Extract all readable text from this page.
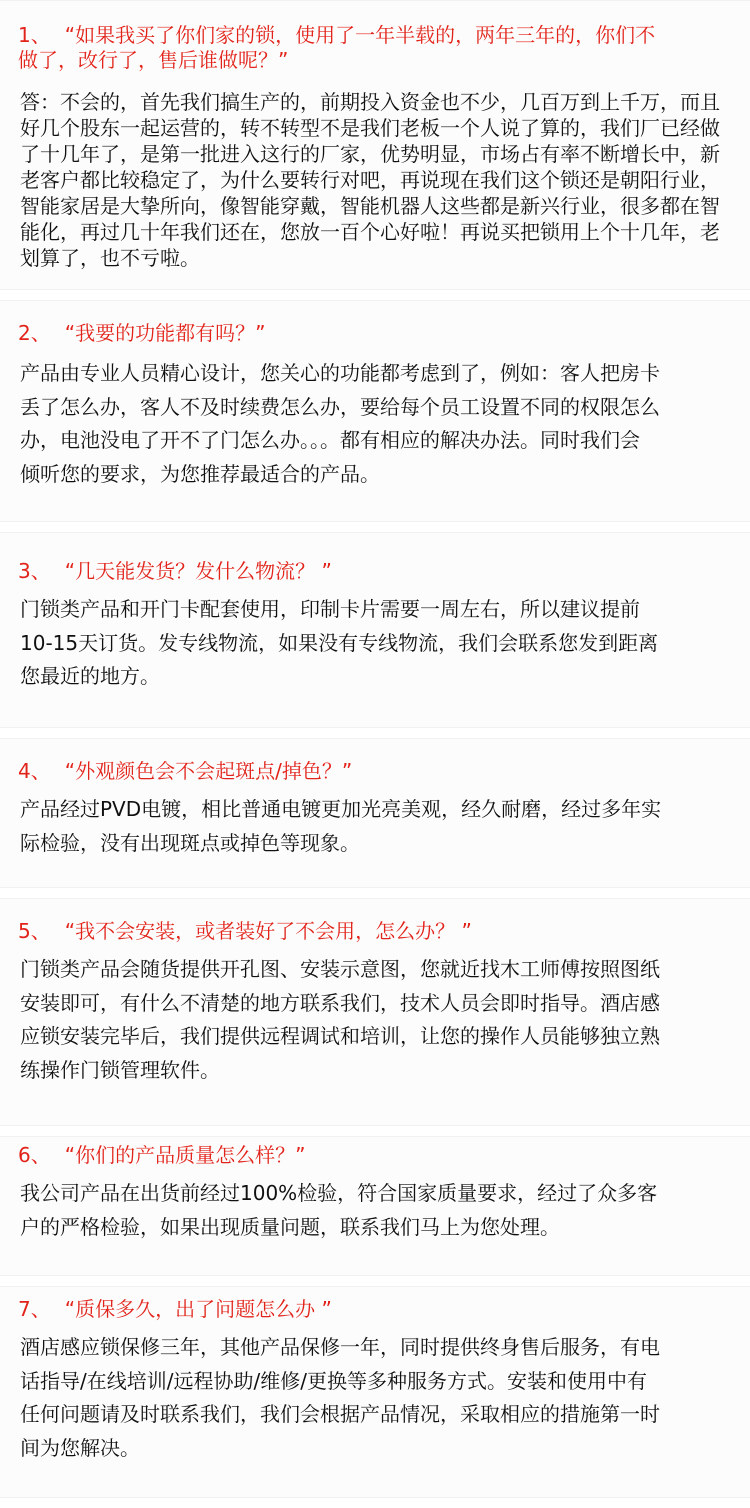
1、 “如果我买了你们家的锁，使用了一年半载的，两年三年的，你们不
做了，改行了，售后谁做呢？”
答：不会的，首先我们搞生产的，前期投入资金也不少，几百万到上千万，而且
好几个股东一起运营的，转不转型不是我们老板一个人说了算的，我们厂已经做
了十几年了，是第一批进入这行的厂家，优势明显，市场占有率不断增长中，新
老客户都比较稳定了，为什么要转行对吧，再说现在我们这个锁还是朝阳行业，
智能家居是大挚所向，像智能穿戴，智能机器人这些都是新兴行业，很多都在智
能化，再过几十年我们还在，您放一百个心好啦！再说买把锁用上个十几年，老
划算了，也不亏啦。
2、 “我要的功能都有吗？”
产品由专业人员精心设计，您关心的功能都考虑到了，例如：客人把房卡
丢了怎么办，客人不及时续费怎么办，要给每个员工设置不同的权限怎么
办，电池没电了开不了门怎么办。。。都有相应的解决办法。同时我们会
倾听您的要求，为您推荐最适合的产品。
3、 “几天能发货？发什么物流？ ”
门锁类产品和开门卡配套使用，印制卡片需要一周左右，所以建议提前
10-15天订货。发专线物流，如果没有专线物流，我们会联系您发到距离
您最近的地方。
4、 “外观颜色会不会起斑点/掉色？”
产品经过PVD电镀，相比普通电镀更加光亮美观，经久耐磨，经过多年实
际检验，没有出现斑点或掉色等现象。
5、 “我不会安装，或者装好了不会用，怎么办？ ”
门锁类产品会随货提供开孔图、安装示意图，您就近找木工师傅按照图纸
安装即可，有什么不清楚的地方联系我们，技术人员会即时指导。酒店感
应锁安装完毕后，我们提供远程调试和培训，让您的操作人员能够独立熟
练操作门锁管理软件。
6、 “你们的产品质量怎么样？”
我公司产品在出货前经过100%检验，符合国家质量要求，经过了众多客
户的严格检验，如果出现质量问题，联系我们马上为您处理。
7、 “质保多久，出了问题怎么办 ”
酒店感应锁保修三年，其他产品保修一年，同时提供终身售后服务，有电
话指导/在线培训/远程协助/维修/更换等多种服务方式。安装和使用中有
任何问题请及时联系我们，我们会根据产品情况，采取相应的措施第一时
间为您解决。
